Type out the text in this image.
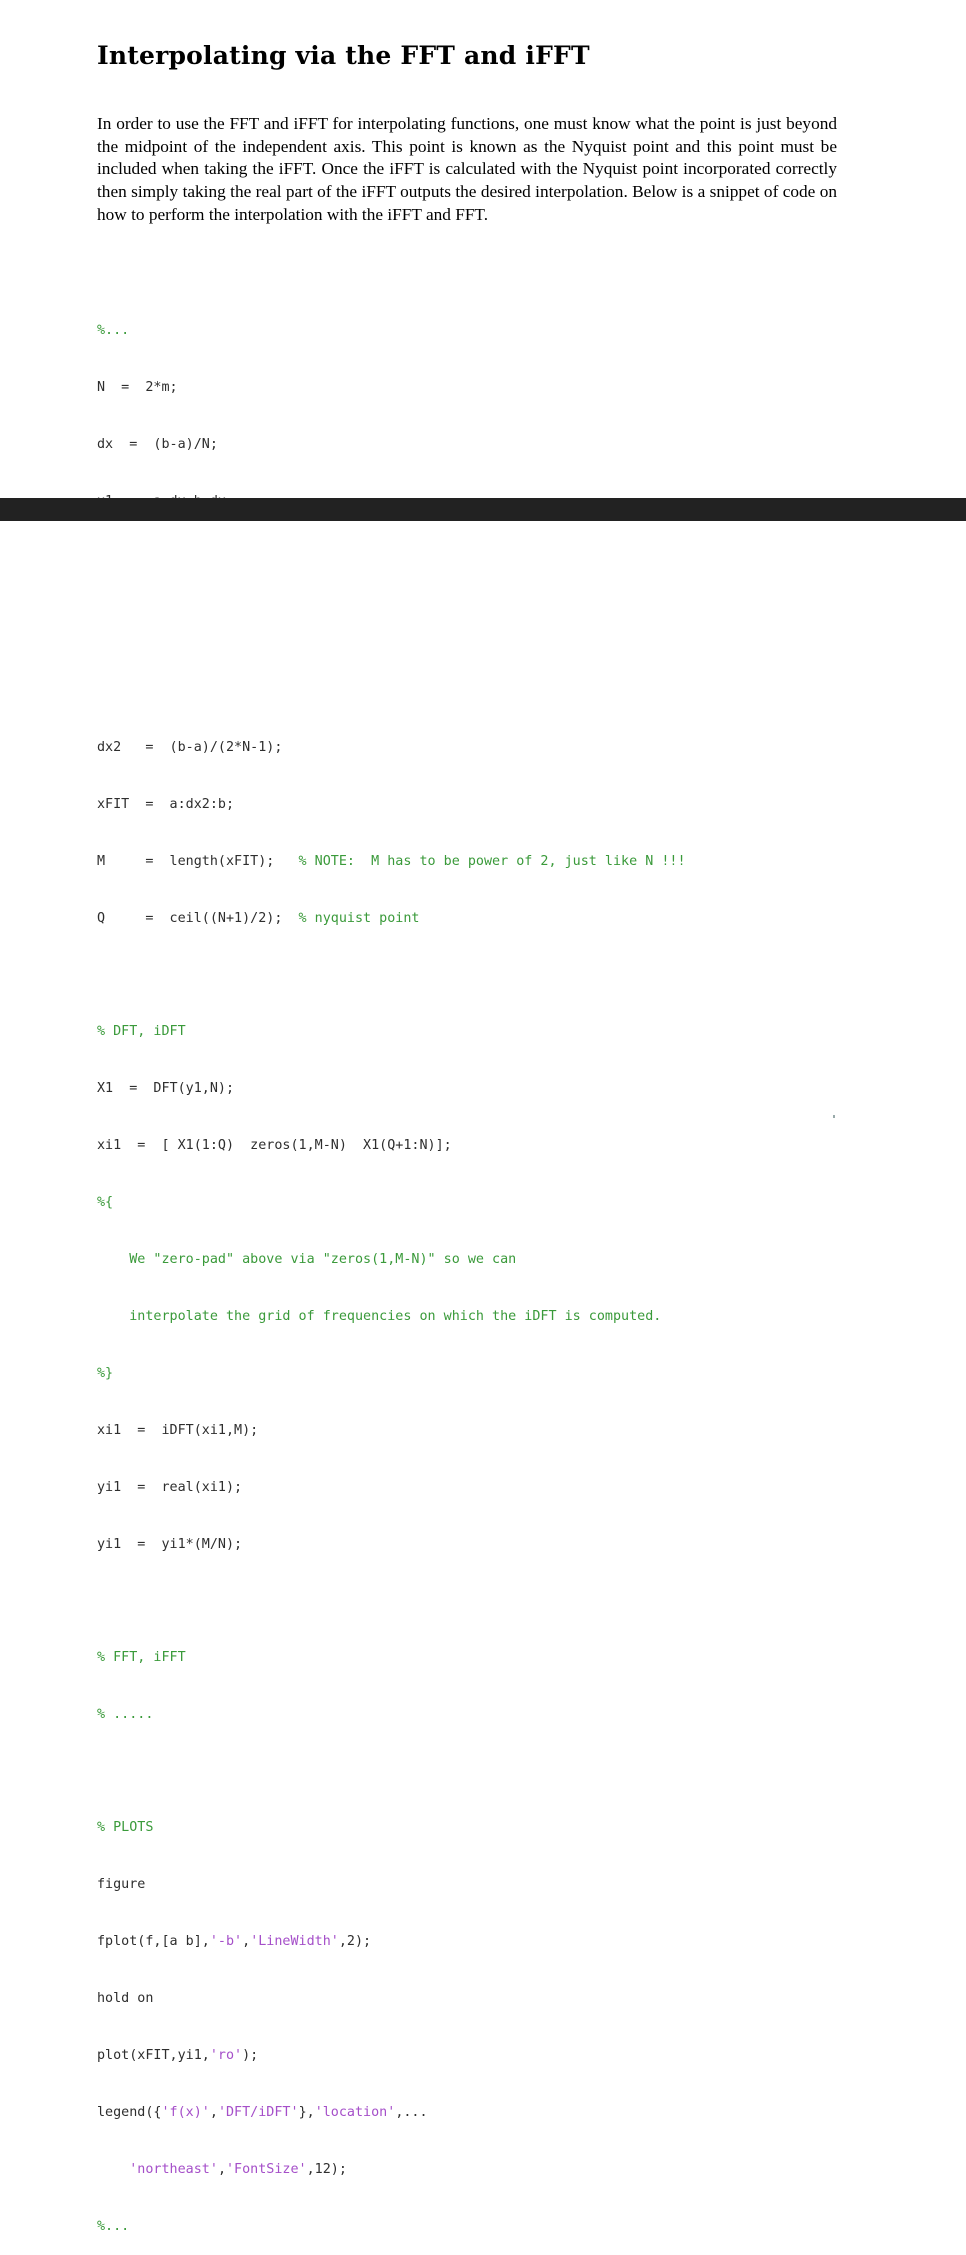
Interpolating via the FFT and iFFT

In order to use the FFT and iFFT for interpolating functions, one must know what the point is just beyond the midpoint of the independent axis. This point is known as the Nyquist point and this point must be included when taking the iFFT. Once the iFFT is calculated with the Nyquist point incorporated correctly then simply taking the real part of the iFFT outputs the desired interpolation. Below is a snippet of code on how to perform the interpolation with the iFFT and FFT.

%...

N  =  2*m;

dx  =  (b-a)/N;

dx2   =  (b-a)/(2*N-1);

xFIT  =  a:dx2:b;

M     =  length(xFIT);   % NOTE:  M has to be power of 2, just like N !!!

Q     =  ceil((N+1)/2);  % nyquist point

% DFT, iDFT

X1  =  DFT(y1,N);

xi1  =  [ X1(1:Q)  zeros(1,M-N)  X1(Q+1:N)];

%{

We "zero-pad" above via "zeros(1,M-N)" so we can

interpolate the grid of frequencies on which the iDFT is computed.

%}

xi1  =  iDFT(xi1,M);

yi1  =  real(xi1);

yi1  =  yi1*(M/N);

% FFT, iFFT

% .....

% PLOTS

figure

fplot(f,[a b],'-b','LineWidth',2);

hold on

plot(xFIT,yi1,'ro');

legend({'f(x)','DFT/iDFT'},'location',...

'northeast','FontSize',12);

%...
